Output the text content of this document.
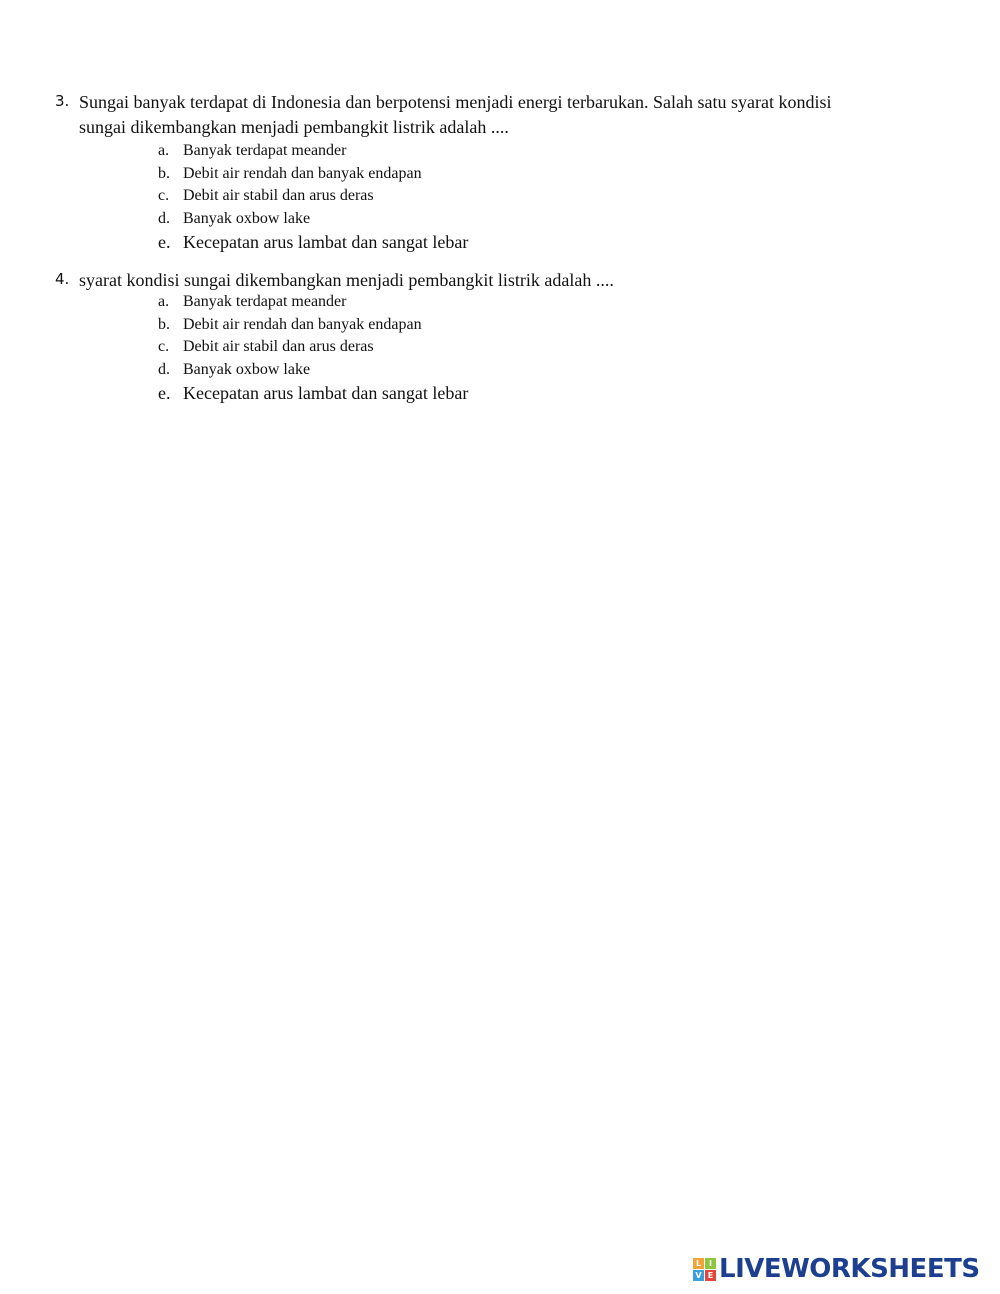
3. Sungai banyak terdapat di Indonesia dan berpotensi menjadi energi terbarukan. Salah satu syarat kondisi sungai dikembangkan menjadi pembangkit listrik adalah ....

a. Banyak terdapat meander
b. Debit air rendah dan banyak endapan
c. Debit air stabil dan arus deras
d. Banyak oxbow lake
e. Kecepatan arus lambat dan sangat lebar
4. syarat kondisi sungai dikembangkan menjadi pembangkit listrik adalah ....

a. Banyak terdapat meander
b. Debit air rendah dan banyak endapan
c. Debit air stabil dan arus deras
d. Banyak oxbow lake
e. Kecepatan arus lambat dan sangat lebar
L I
V E LIVEWORKSHEETS
